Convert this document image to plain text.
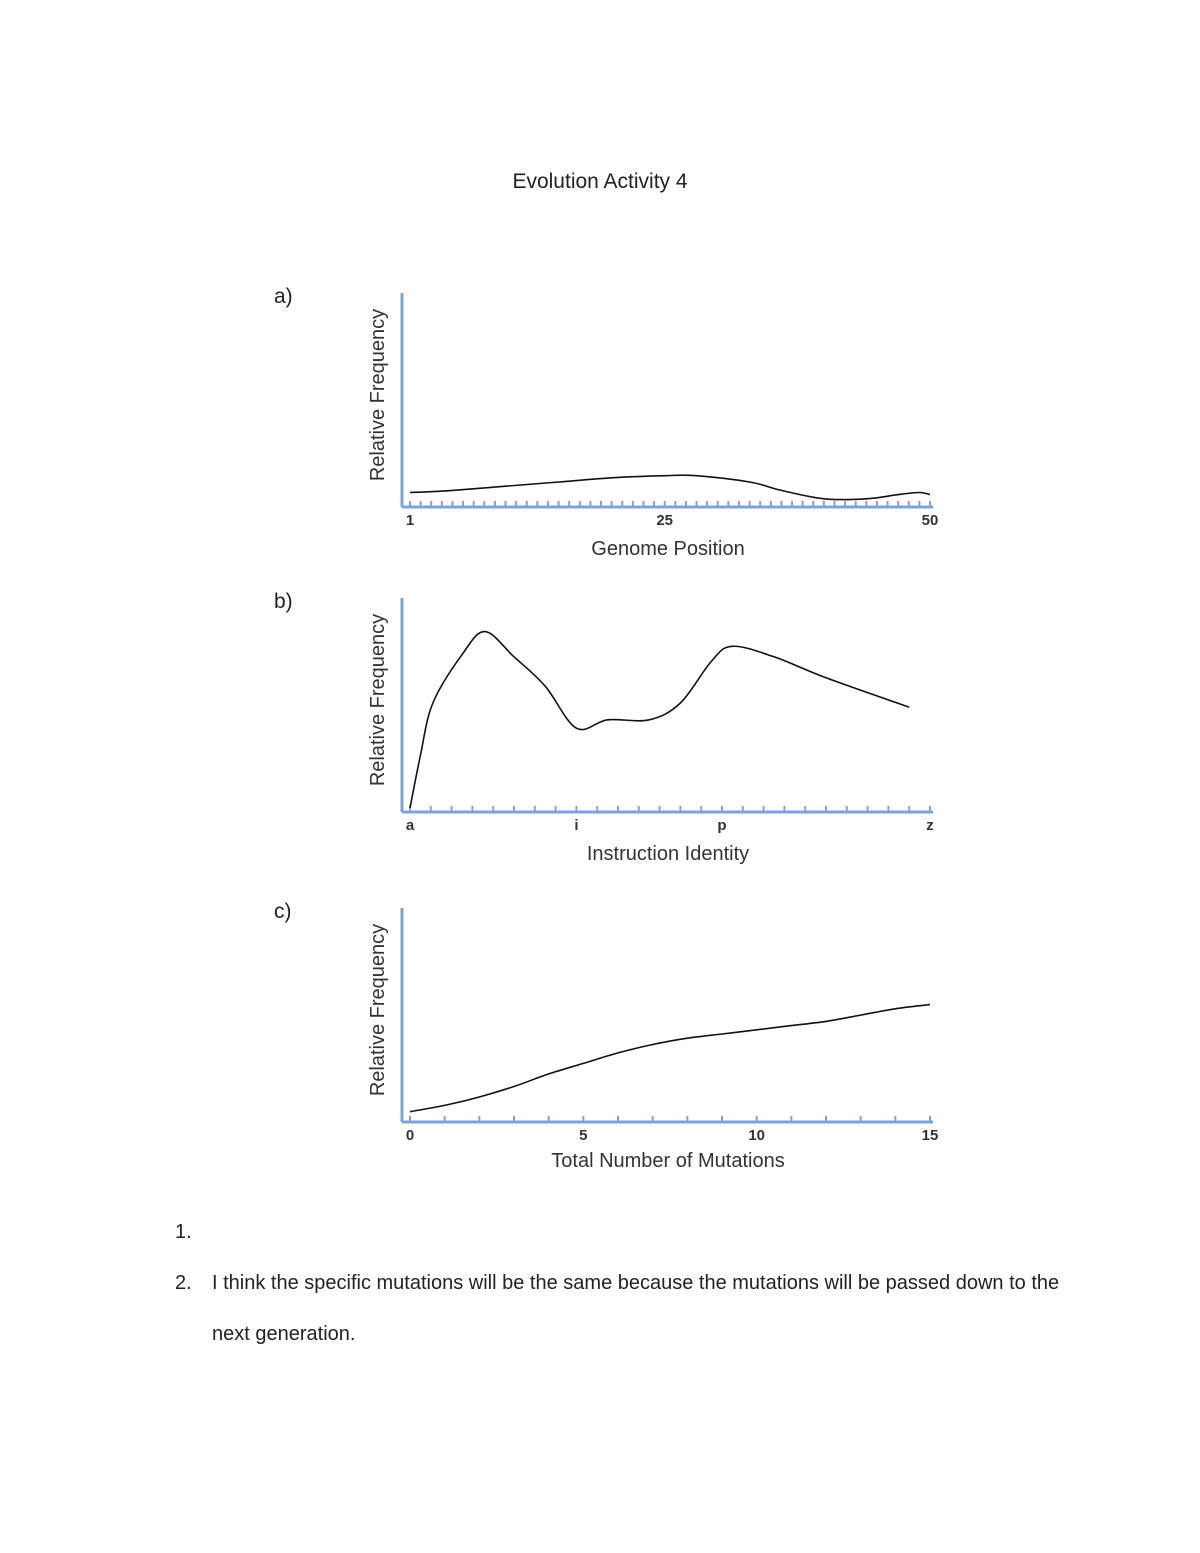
Evolution Activity 4
a)
Relative Frequency
Genome Position
1	25	50
b)
Relative Frequency
Instruction Identity
a	i	p	z
c)
Relative Frequency
Total Number of Mutations
0	5	10	15
1.

2. I think the specific mutations will be the same because the mutations will be passed down to the next generation.
